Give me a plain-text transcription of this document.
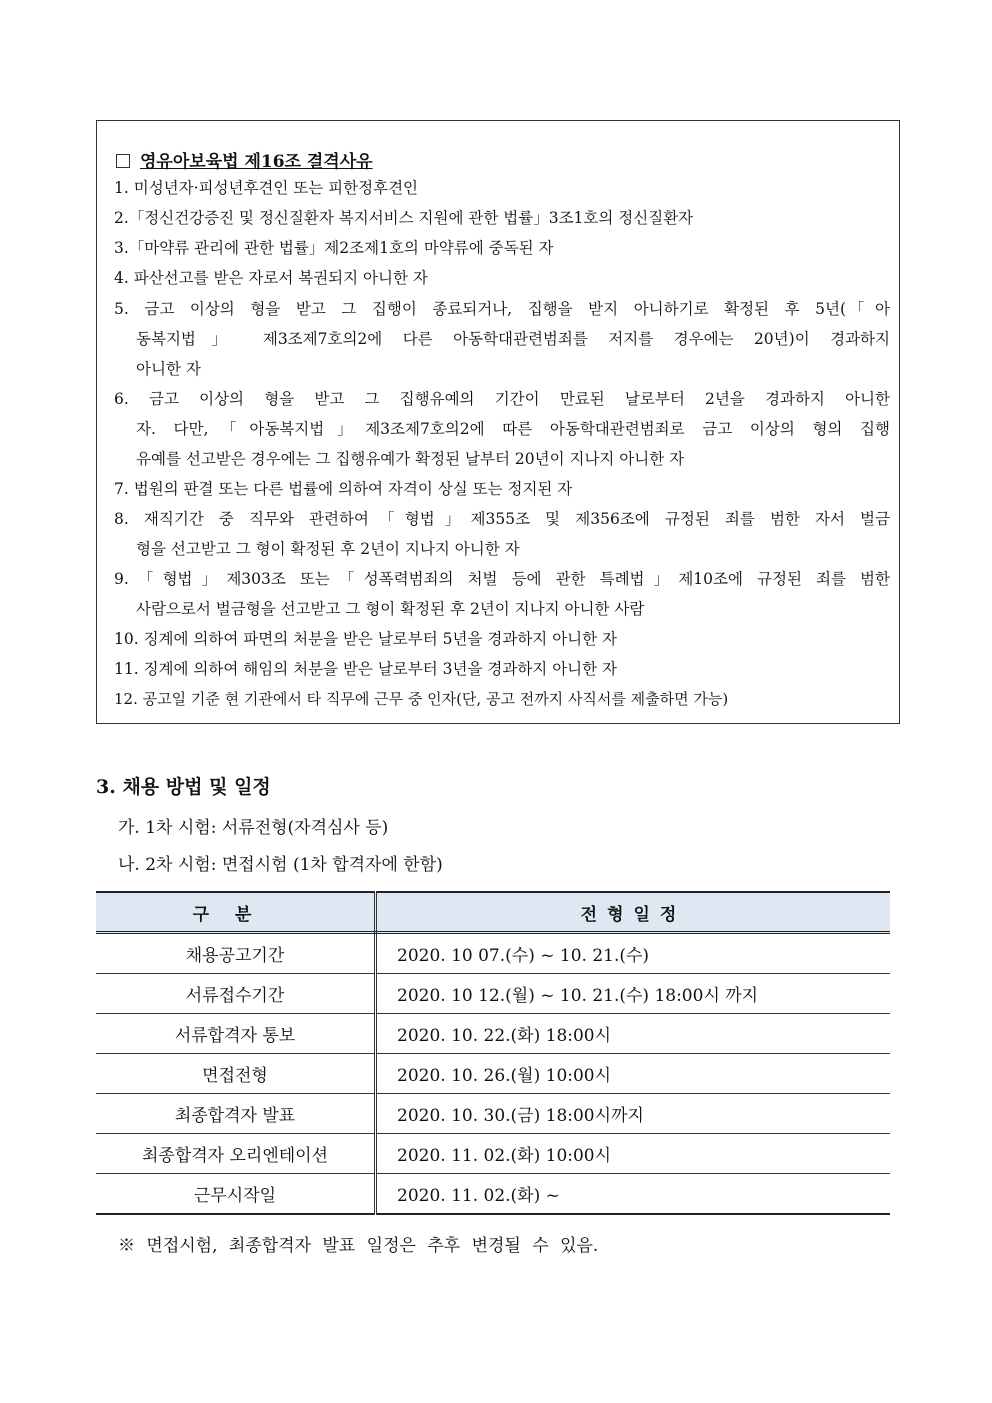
영유아보육법 제16조 결격사유
1. 미성년자·피성년후견인 또는 피한정후견인
2.「정신건강증진 및 정신질환자 복지서비스 지원에 관한 법률」3조1호의 정신질환자
3.「마약류 관리에 관한 법률」제2조제1호의 마약류에 중독된 자
4. 파산선고를 받은 자로서 복권되지 아니한 자
5. 금고 이상의 형을 받고 그 집행이 종료되거나, 집행을 받지 아니하기로 확정된 후 5년(「아
동복지법」 제3조제7호의2에 다른 아동학대관련범죄를 저지를 경우에는 20년)이 경과하지
아니한 자
6. 금고 이상의 형을 받고 그 집행유예의 기간이 만료된 날로부터 2년을 경과하지 아니한
자. 다만,「아동복지법」제3조제7호의2에 따른 아동학대관련범죄로 금고 이상의 형의 집행
유예를 선고받은 경우에는 그 집행유예가 확정된 날부터 20년이 지나지 아니한 자
7. 법원의 판결 또는 다른 법률에 의하여 자격이 상실 또는 정지된 자
8. 재직기간 중 직무와 관련하여「형법」제355조 및 제356조에 규정된 죄를 범한 자서 벌금
형을 선고받고 그 형이 확정된 후 2년이 지나지 아니한 자
9.「형법」제303조 또는「성폭력범죄의 처벌 등에 관한 특례법」제10조에 규정된 죄를 범한
사람으로서 벌금형을 선고받고 그 형이 확정된 후 2년이 지나지 아니한 사람
10. 징계에 의하여 파면의 처분을 받은 날로부터 5년을 경과하지 아니한 자
11. 징계에 의하여 해임의 처분을 받은 날로부터 3년을 경과하지 아니한 자
12. 공고일 기준 현 기관에서 타 직무에 근무 중 인자(단, 공고 전까지 사직서를 제출하면 가능)
3. 채용 방법 및 일정
가. 1차 시험: 서류전형(자격심사 등)
나. 2차 시험: 면접시험 (1차 합격자에 한함)
구분	전형일정
채용공고기간	2020. 10 07.(수) ~ 10. 21.(수)
서류접수기간	2020. 10 12.(월) ~ 10. 21.(수) 18:00시 까지
서류합격자 통보	2020. 10. 22.(화) 18:00시
면접전형	2020. 10. 26.(월) 10:00시
최종합격자 발표	2020. 10. 30.(금) 18:00시까지
최종합격자 오리엔테이션	2020. 11. 02.(화) 10:00시
근무시작일	2020. 11. 02.(화) ~
※ 면접시험, 최종합격자 발표 일정은 추후 변경될 수 있음.
